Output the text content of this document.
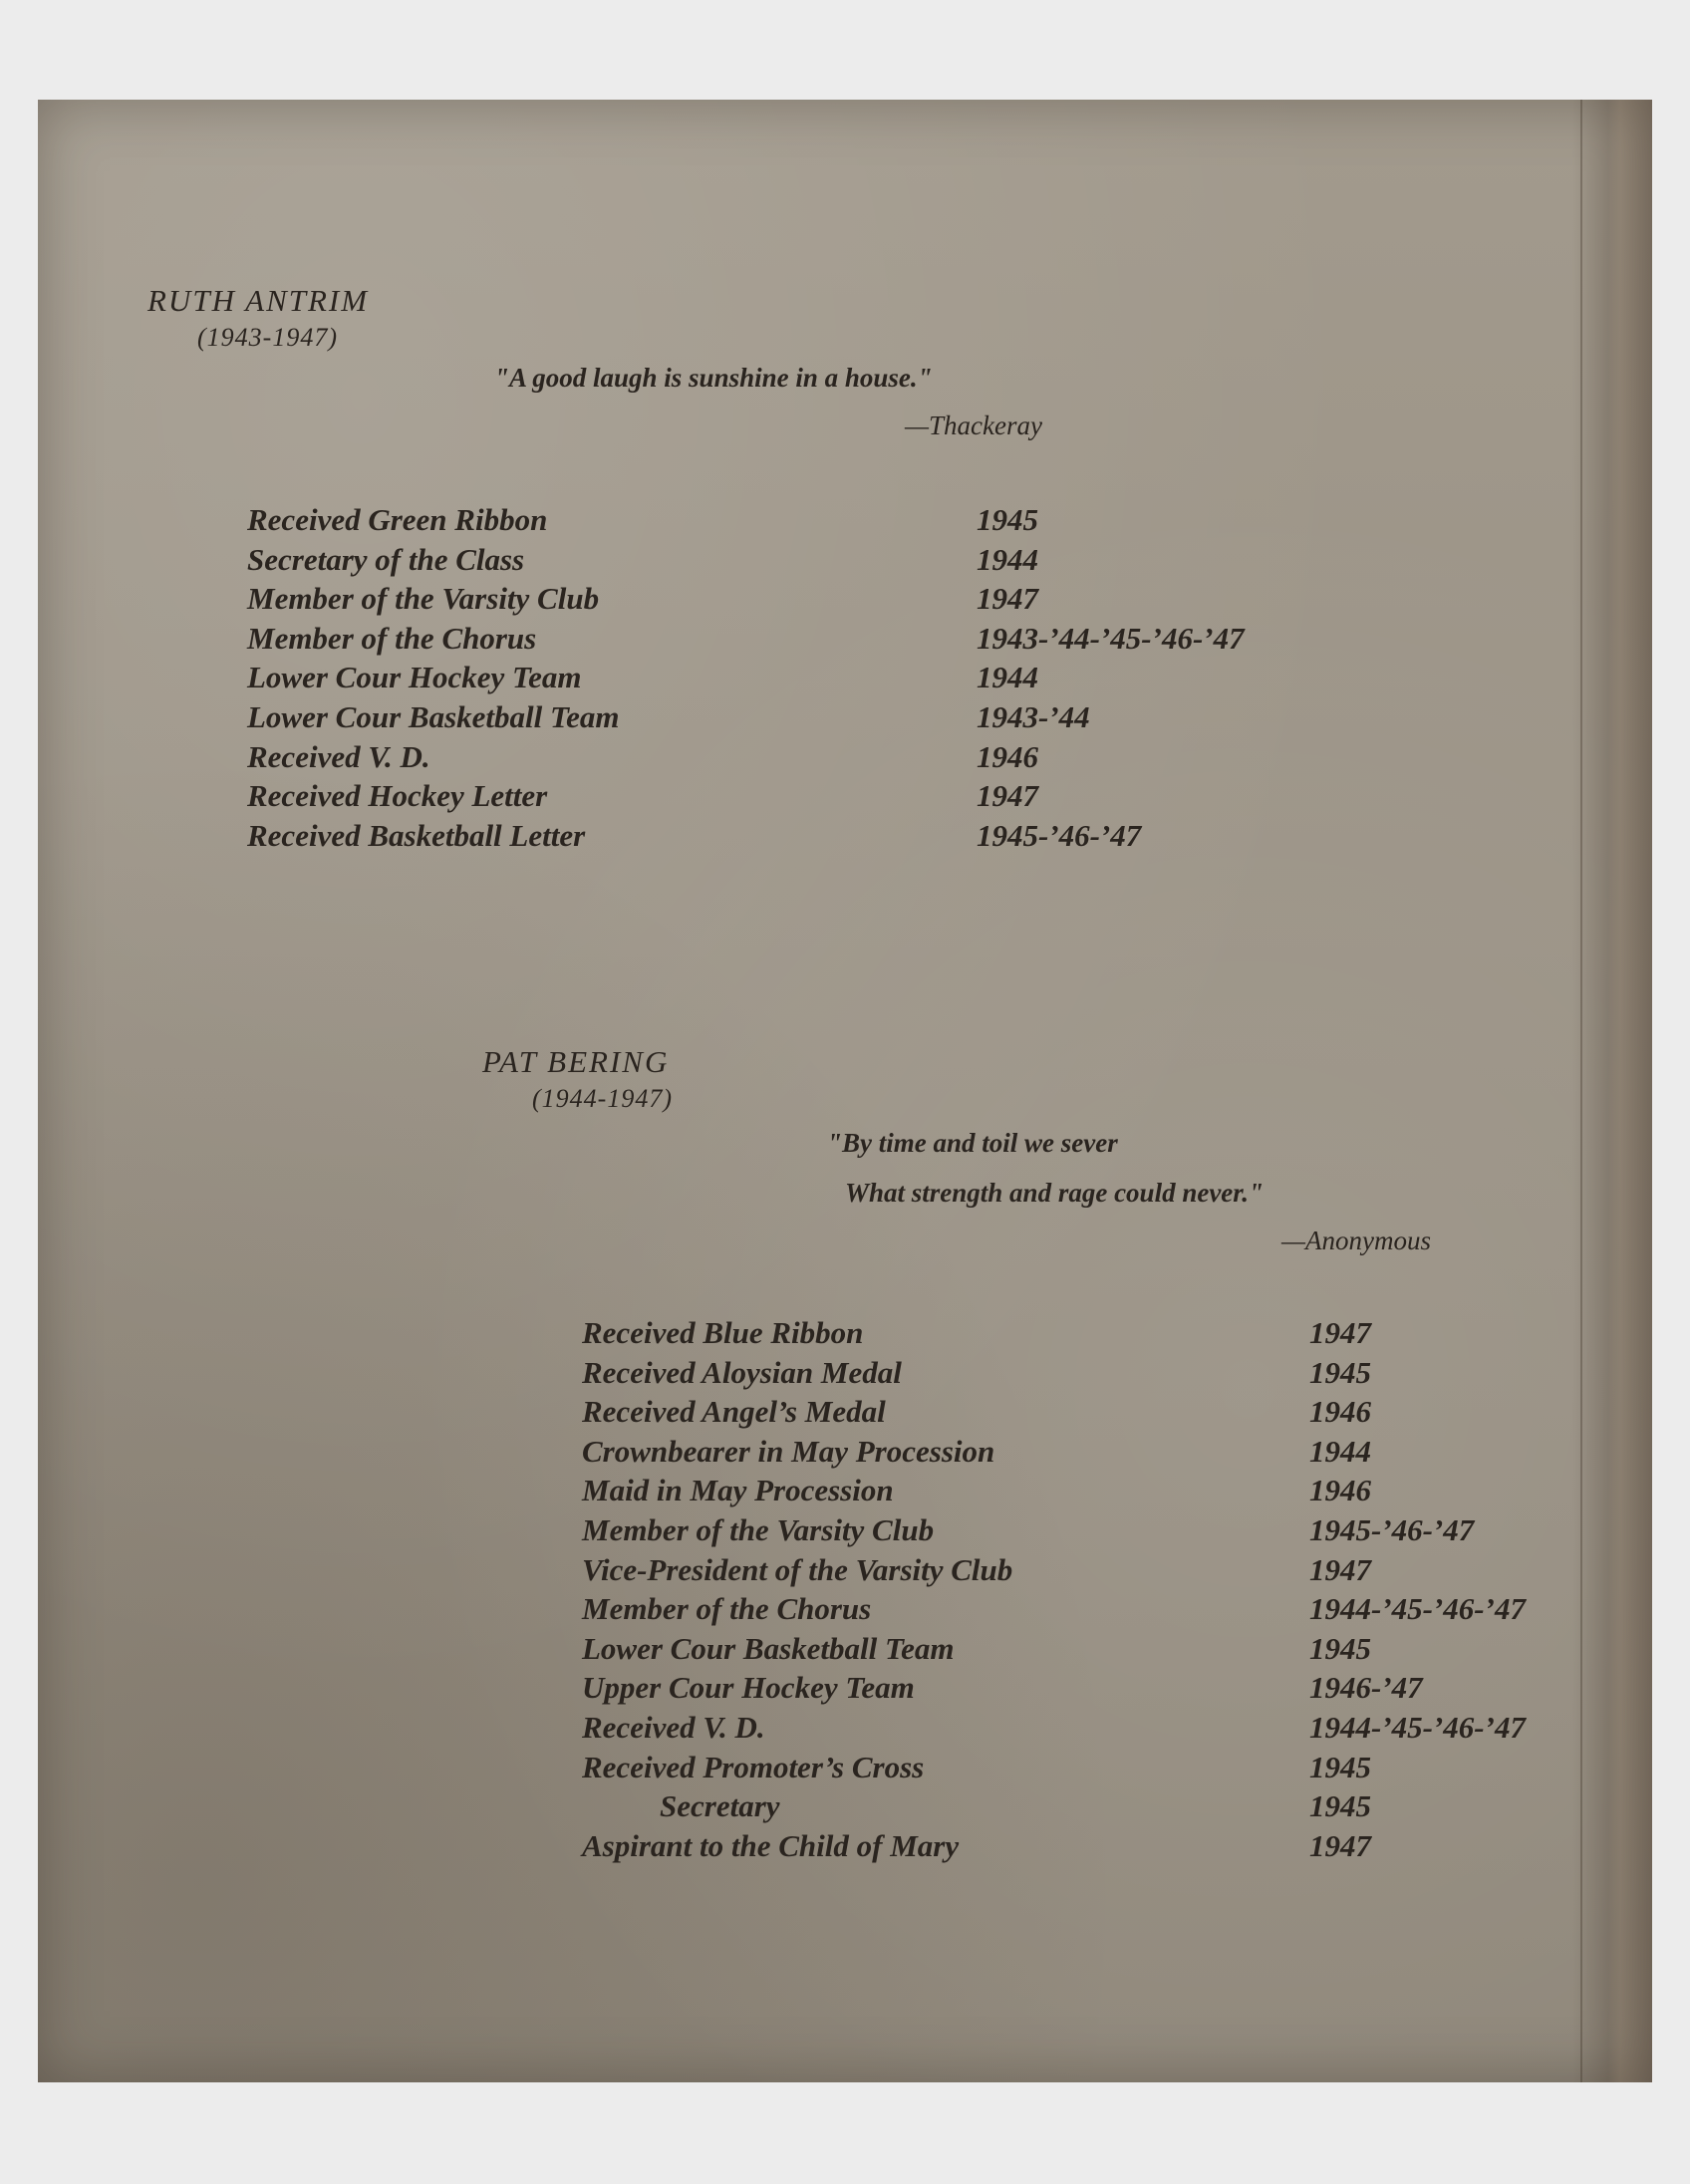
RUTH ANTRIM
(1943-1947)
"A good laugh is sunshine in a house."
—Thackeray
Received Green Ribbon	1945
Secretary of the Class	1944
Member of the Varsity Club	1947
Member of the Chorus	1943-’44-’45-’46-’47
Lower Cour Hockey Team	1944
Lower Cour Basketball Team	1943-’44
Received V. D.	1946
Received Hockey Letter	1947
Received Basketball Letter	1945-’46-’47
PAT BERING
(1944-1947)
"By time and toil we sever
What strength and rage could never."
—Anonymous
Received Blue Ribbon	1947
Received Aloysian Medal	1945
Received Angel’s Medal	1946
Crownbearer in May Procession	1944
Maid in May Procession	1946
Member of the Varsity Club	1945-’46-’47
Vice-President of the Varsity Club	1947
Member of the Chorus	1944-’45-’46-’47
Lower Cour Basketball Team	1945
Upper Cour Hockey Team	1946-’47
Received V. D.	1944-’45-’46-’47
Received Promoter’s Cross	1945
Secretary	1945
Aspirant to the Child of Mary	1947
